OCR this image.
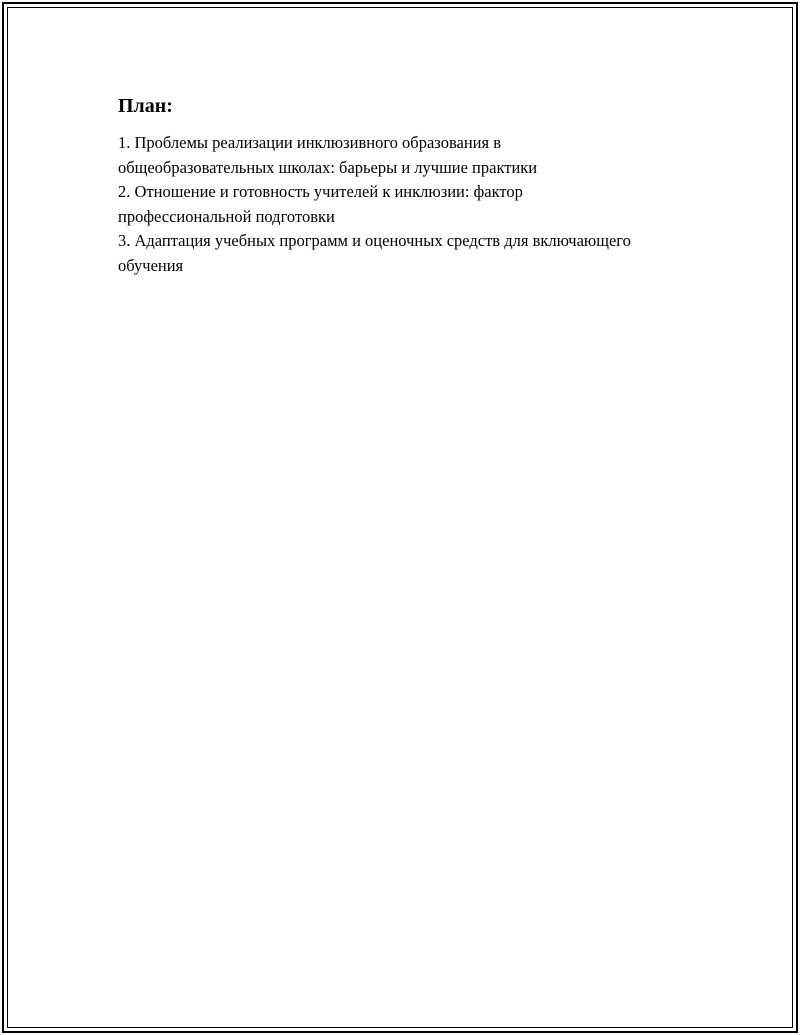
План:
1. Проблемы реализации инклюзивного образования в общеобразовательных школах: барьеры и лучшие практики
2. Отношение и готовность учителей к инклюзии: фактор профессиональной подготовки
3. Адаптация учебных программ и оценочных средств для включающего обучения
